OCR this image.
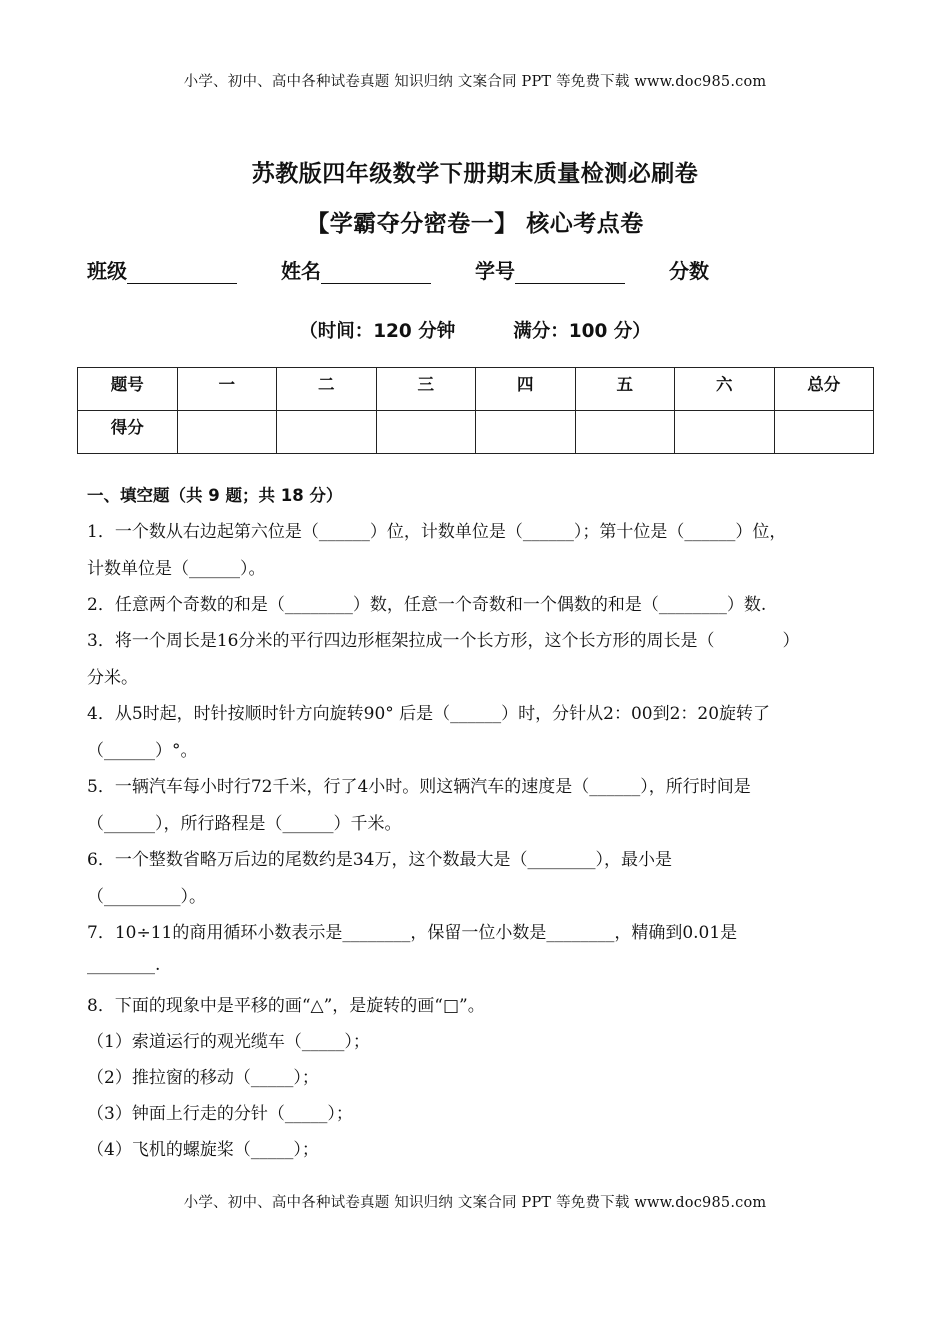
小学、初中、高中各种试卷真题 知识归纳 文案合同 PPT 等免费下载 www.doc985.com
苏教版四年级数学下册期末质量检测必刷卷
【学霸夺分密卷一】 核心考点卷
班级	姓名	学号	分数
（时间：120 分钟	满分：100 分）
题号	一	二	三	四	五	六	总分
得分							
一、填空题（共 9 题；共 18 分）
1．一个数从右边起第六位是（______）位，计数单位是（______）；第十位是（______）位，
计数单位是（______）。
2．任意两个奇数的和是（________）数，任意一个奇数和一个偶数的和是（________）数.
3．将一个周长是16分米的平行四边形框架拉成一个长方形，这个长方形的周长是（　　　　）
分米。
4．从5时起，时针按顺时针方向旋转90° 后是（______）时，分针从2：00到2：20旋转了
（______）°。
5．一辆汽车每小时行72千米，行了4小时。则这辆汽车的速度是（______），所行时间是
（______），所行路程是（______）千米。
6．一个整数省略万后边的尾数约是34万，这个数最大是（________），最小是
（_________）。
7．10÷11的商用循环小数表示是________，保留一位小数是________，精确到0.01是
________.
8．下面的现象中是平移的画“△”，是旋转的画“□”。
（1）索道运行的观光缆车（_____）；
（2）推拉窗的移动（_____）；
（3）钟面上行走的分针（_____）；
（4）飞机的螺旋桨（_____）；
小学、初中、高中各种试卷真题 知识归纳 文案合同 PPT 等免费下载 www.doc985.com
